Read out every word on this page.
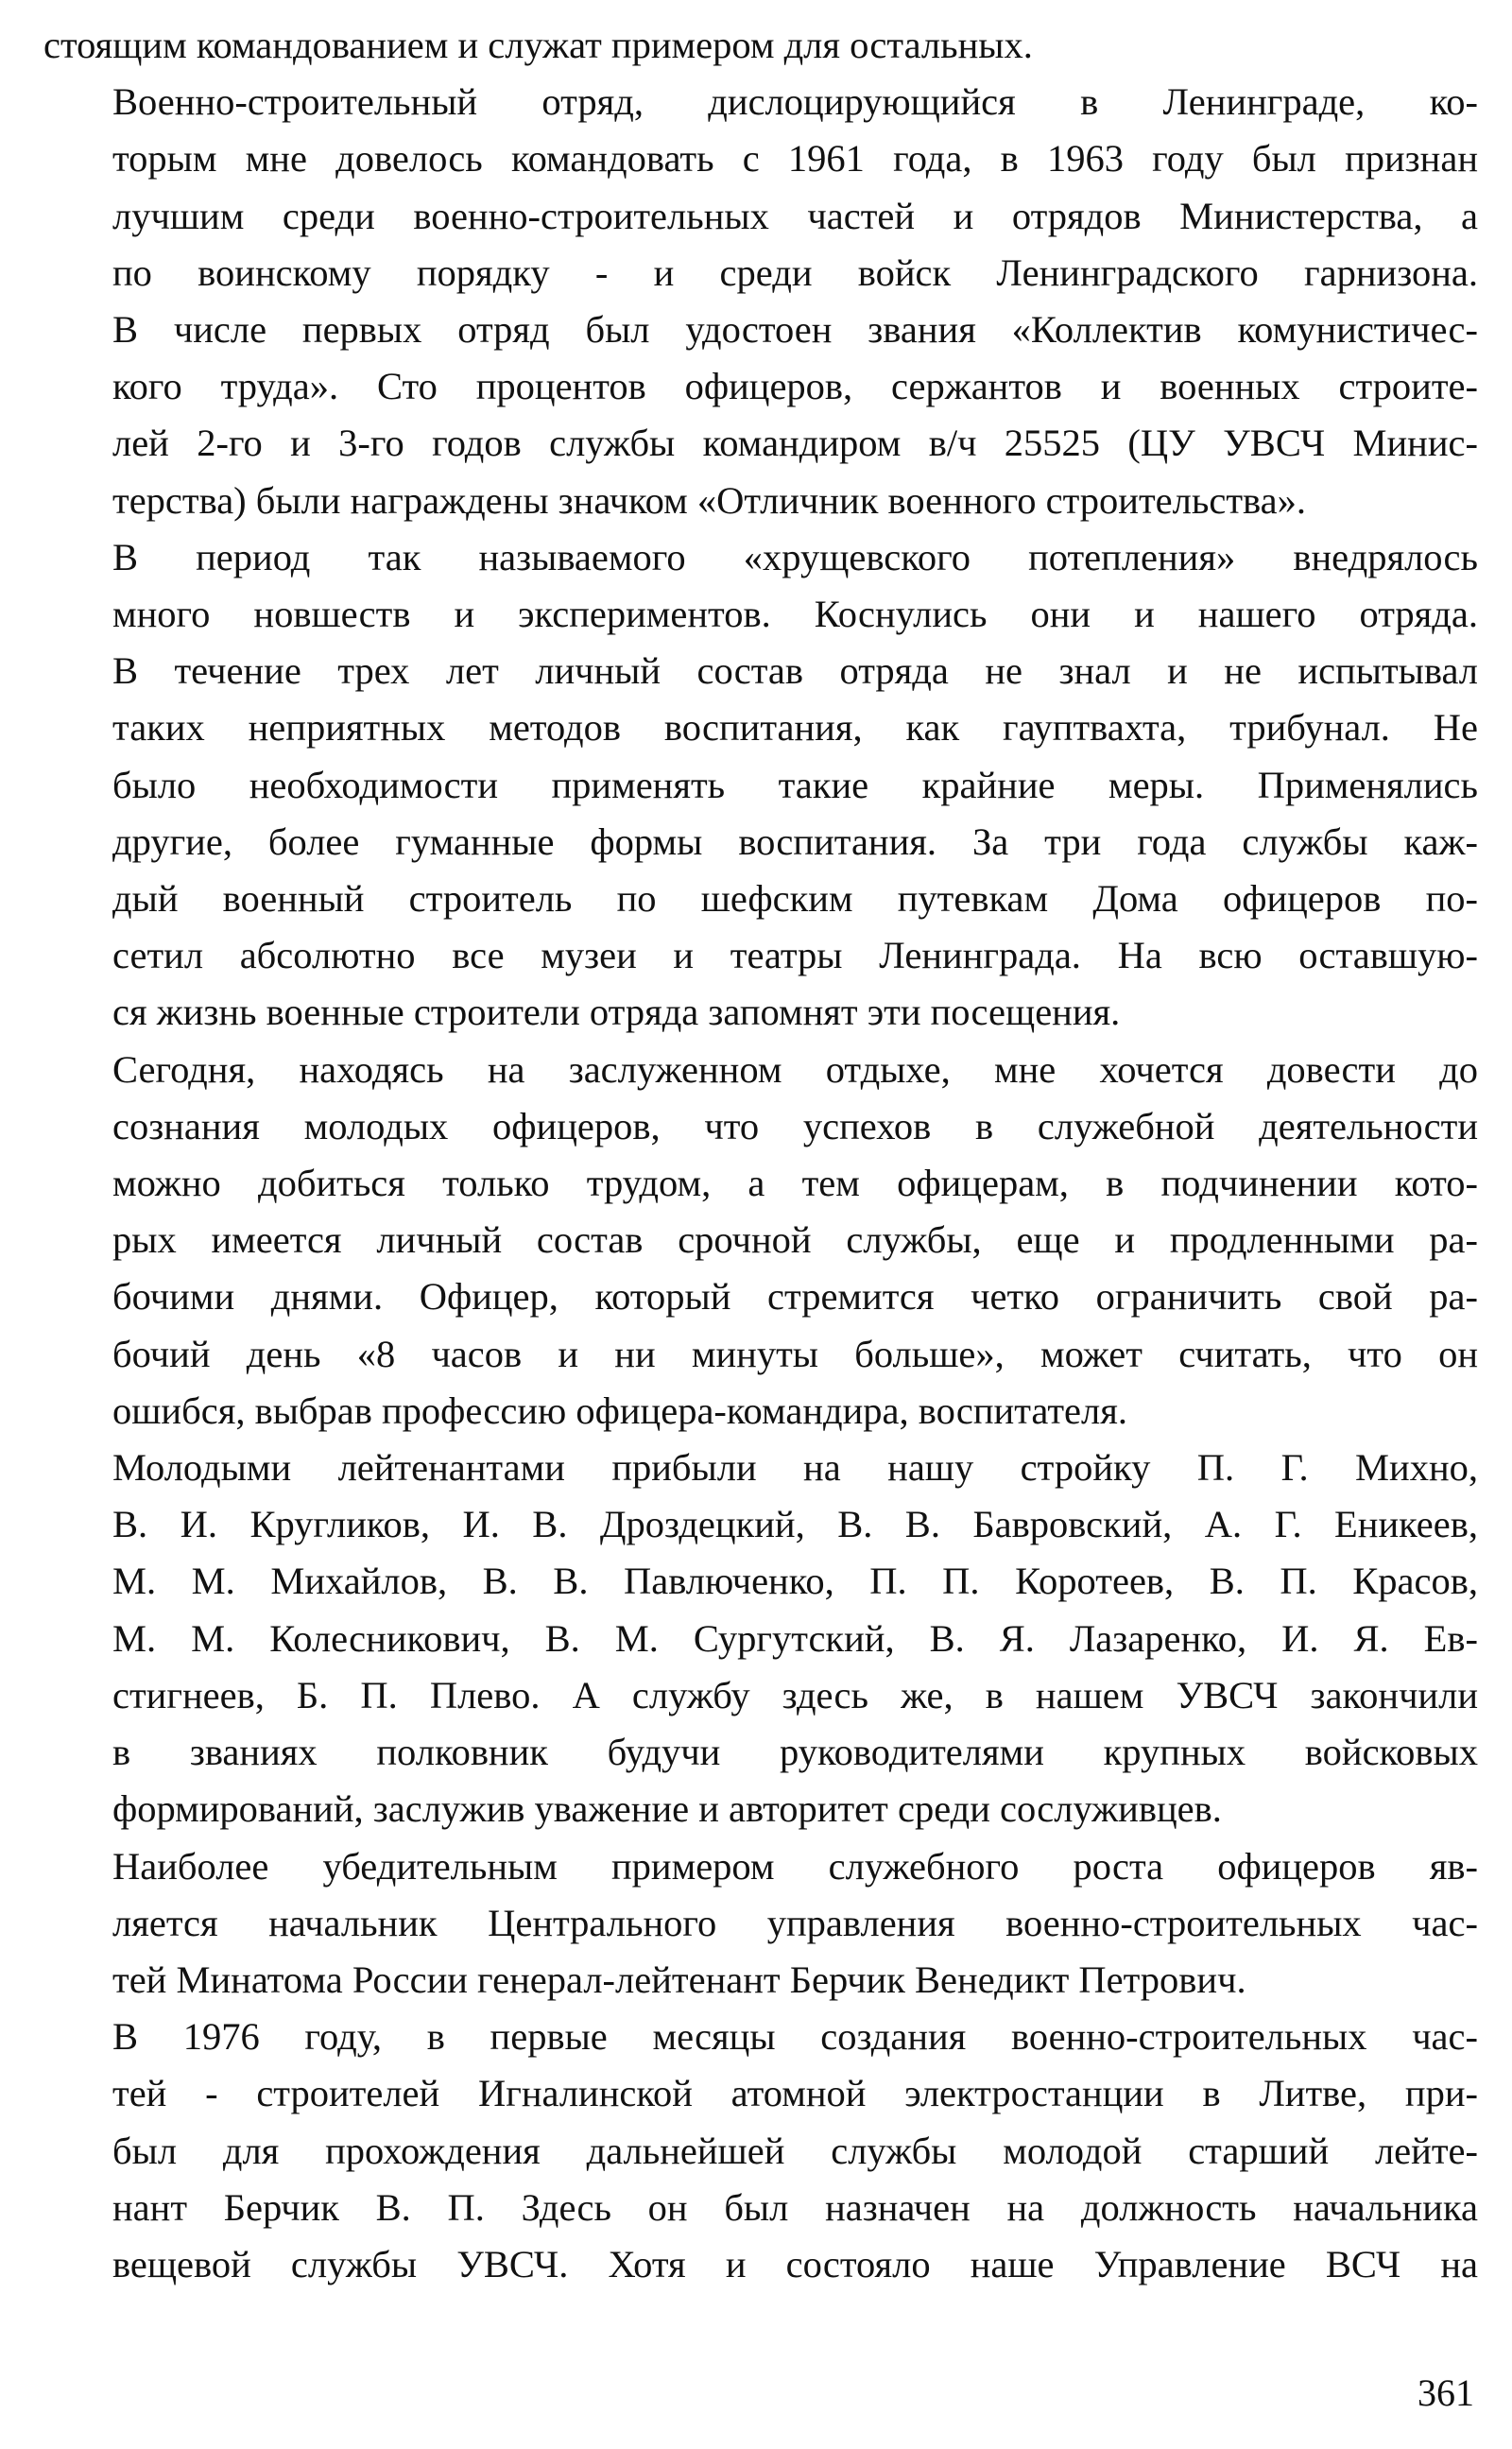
стоящим командованием и служат примером для остальных.

Военно-строительный отряд, дислоцирующийся в Ленинграде, ко-
торым мне довелось командовать с 1961 года, в 1963 году был признан
лучшим среди военно-строительных частей и отрядов Министерства, а
по воинскому порядку - и среди войск Ленинградского гарнизона.
В числе первых отряд был удостоен звания «Коллектив комунистичес-
кого труда». Сто процентов офицеров, сержантов и военных строите-
лей 2-го и 3-го годов службы командиром в/ч 25525 (ЦУ УВСЧ Минис-
терства) были награждены значком «Отличник военного строительства».

В период так называемого «хрущевского потепления» внедрялось
много новшеств и экспериментов. Коснулись они и нашего отряда.
В течение трех лет личный состав отряда не знал и не испытывал
таких неприятных методов воспитания, как гауптвахта, трибунал. Не
было необходимости применять такие крайние меры. Применялись
другие, более гуманные формы воспитания. За три года службы каж-
дый военный строитель по шефским путевкам Дома офицеров по-
сетил абсолютно все музеи и театры Ленинграда. На всю оставшую-
ся жизнь военные строители отряда запомнят эти посещения.

Сегодня, находясь на заслуженном отдыхе, мне хочется довести до
сознания молодых офицеров, что успехов в служебной деятельности
можно добиться только трудом, а тем офицерам, в подчинении кото-
рых имеется личный состав срочной службы, еще и продленными ра-
бочими днями. Офицер, который стремится четко ограничить свой ра-
бочий день «8 часов и ни минуты больше», может считать, что он
ошибся, выбрав профессию офицера-командира, воспитателя.

Молодыми лейтенантами прибыли на нашу стройку П. Г. Михно,
В. И. Кругликов, И. В. Дроздецкий, В. В. Бавровский, А. Г. Еникеев,
М. М. Михайлов, В. В. Павлюченко, П. П. Коротеев, В. П. Красов,
М. М. Колесникович, В. М. Сургутский, В. Я. Лазаренко, И. Я. Ев-
стигнеев, Б. П. Плево. А службу здесь же, в нашем УВСЧ закончили
в званиях полковник будучи руководителями крупных войсковых
формирований, заслужив уважение и авторитет среди сослуживцев.

Наиболее убедительным примером служебного роста офицеров яв-
ляется начальник Центрального управления военно-строительных час-
тей Минатома России генерал-лейтенант Берчик Венедикт Петрович.

В 1976 году, в первые месяцы создания военно-строительных час-
тей - строителей Игналинской атомной электростанции в Литве, при-
был для прохождения дальнейшей службы молодой старший лейте-
нант Берчик В. П. Здесь он был назначен на должность начальника
вещевой службы УВСЧ. Хотя и состояло наше Управление ВСЧ на

361
